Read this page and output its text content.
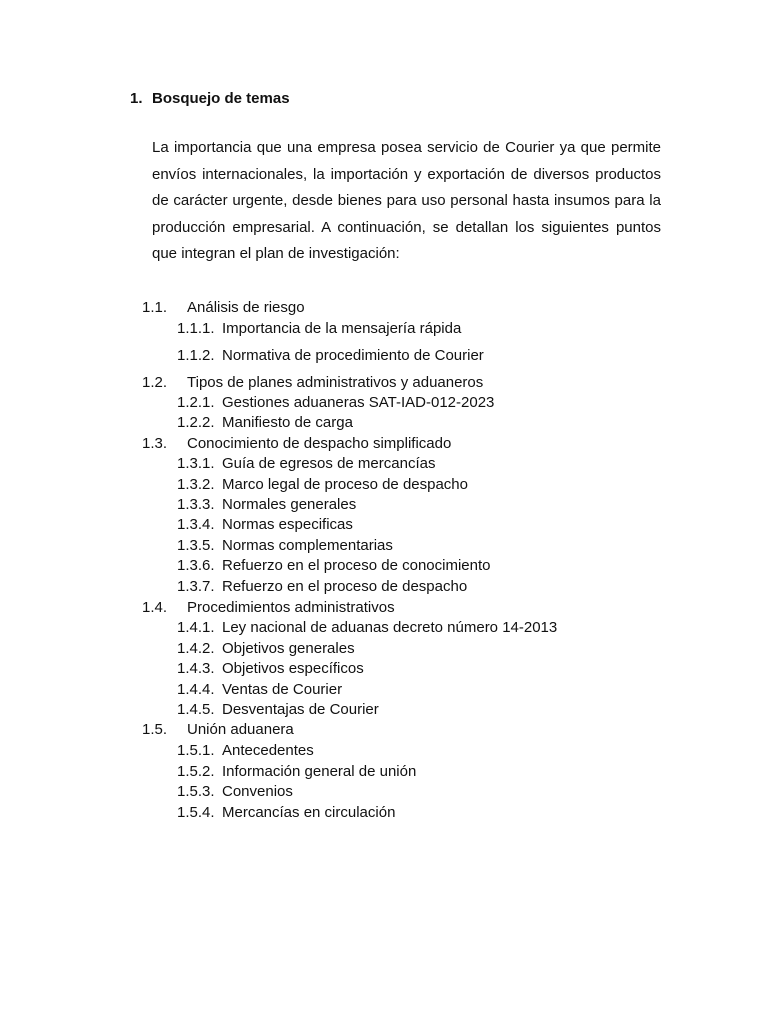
1. Bosquejo de temas

La importancia que una empresa posea servicio de Courier ya que permite envíos internacionales, la importación y exportación de diversos productos de carácter urgente, desde bienes para uso personal hasta insumos para la producción empresarial. A continuación, se detallan los siguientes puntos que integran el plan de investigación:

1.1. Análisis de riesgo
1.1.1. Importancia de la mensajería rápida
1.1.2. Normativa de procedimiento de Courier
1.2. Tipos de planes administrativos y aduaneros
1.2.1. Gestiones aduaneras SAT-IAD-012-2023
1.2.2. Manifiesto de carga
1.3. Conocimiento de despacho simplificado
1.3.1. Guía de egresos de mercancías
1.3.2. Marco legal de proceso de despacho
1.3.3. Normales generales
1.3.4. Normas especificas
1.3.5. Normas complementarias
1.3.6. Refuerzo en el proceso de conocimiento
1.3.7. Refuerzo en el proceso de despacho
1.4. Procedimientos administrativos
1.4.1. Ley nacional de aduanas decreto número 14-2013
1.4.2. Objetivos generales
1.4.3. Objetivos específicos
1.4.4. Ventas de Courier
1.4.5. Desventajas de Courier
1.5. Unión aduanera
1.5.1. Antecedentes
1.5.2. Información general de unión
1.5.3. Convenios
1.5.4. Mercancías en circulación
